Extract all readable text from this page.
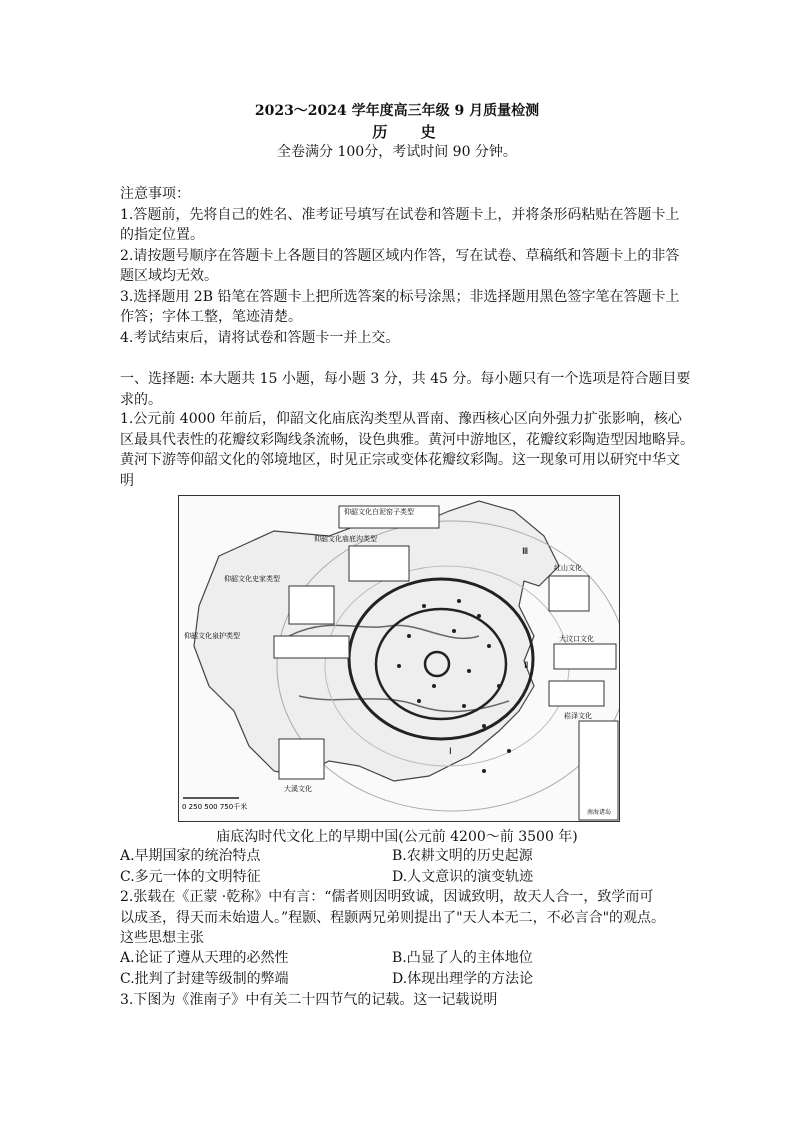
2023～2024 学年度高三年级 9 月质量检测
历 史
全卷满分 100分，考试时间 90 分钟。
注意事项：
1.答题前，先将自己的姓名、准考证号填写在试卷和答题卡上，并将条形码粘贴在答题卡上
的指定位置。
2.请按题号顺序在答题卡上各题目的答题区域内作答，写在试卷、草稿纸和答题卡上的非答
题区域均无效。
3.选择题用 2B 铅笔在答题卡上把所选答案的标号涂黑；非选择题用黑色签字笔在答题卡上
作答；字体工整，笔迹清楚。
4.考试结束后，请将试卷和答题卡一并上交。
一、选择题: 本大题共 15 小题，每小题 3 分，共 45 分。每小题只有一个选项是符合题目要
求的。
1.公元前 4000 年前后，仰韶文化庙底沟类型从晋南、豫西核心区向外强力扩张影响，核心
区最具代表性的花瓣纹彩陶线条流畅，设色典雅。黄河中游地区，花瓣纹彩陶造型因地略异。
黄河下游等仰韶文化的邻境地区，时见正宗或变体花瓣纹彩陶。这一现象可用以研究中华文
明
南海诸岛
仰韶文化白泥窑子类型
仰韶文化庙底沟类型
仰韶文化史家类型
仰韶文化泉护类型
红山文化
大汶口文化
崧泽文化
大溪文化
Ⅲ
Ⅱ
Ⅰ
0 250 500 750千米
庙底沟时代文化上的早期中国(公元前 4200～前 3500 年)
A.早期国家的统治特点	B.农耕文明的历史起源
C.多元一体的文明特征	D.人文意识的演变轨迹
2.张载在《正蒙 ·乾称》中有言：“儒者则因明致诚，因诚致明，故天人合一，致学而可
以成圣，得天而未始遗人。”程颢、程颢两兄弟则提出了"天人本无二，不必言合"的观点。
这些思想主张
A.论证了遵从天理的必然性	B.凸显了人的主体地位
C.批判了封建等级制的弊端	D.体现出理学的方法论
3.下图为《淮南子》中有关二十四节气的记载。这一记载说明
